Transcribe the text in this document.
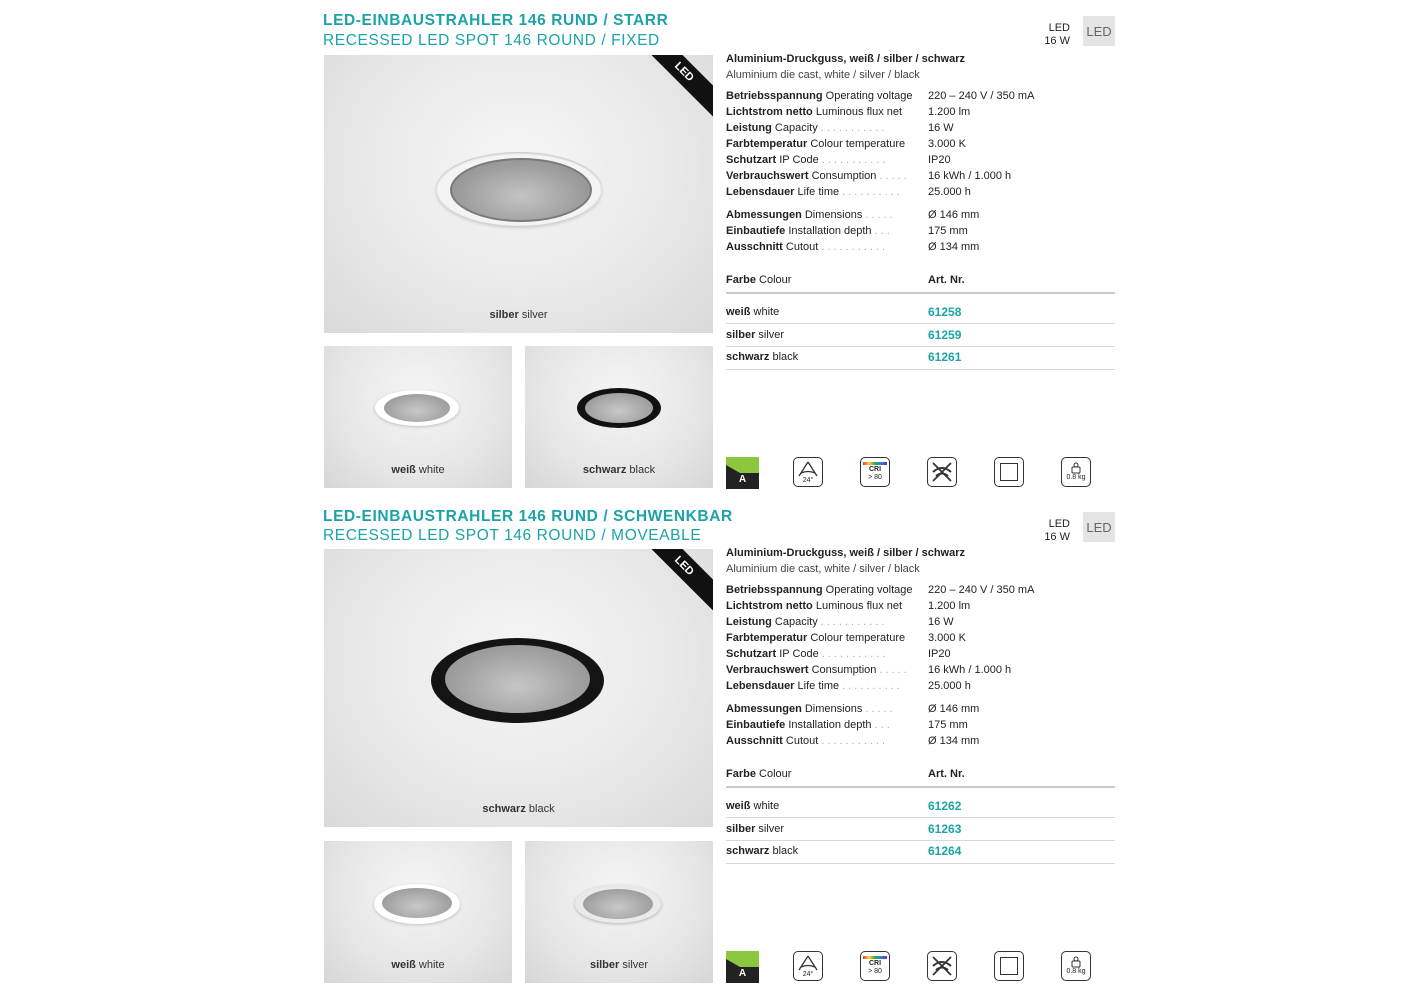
LED-EINBAUSTRAHLER 146 RUND / STARR
RECESSED LED SPOT 146 ROUND / FIXED
LED
16 W
LED
LED
silber silver
weiß white	schwarz black
Aluminium-Druckguss, weiß / silber / schwarz
Aluminium die cast, white / silver / black
Betriebsspannung Operating voltage	220 – 240 V / 350 mA
Lichtstrom netto Luminous flux net	1.200 lm
Leistung Capacity ...........	16 W
Farbtemperatur Colour temperature	3.000 K
Schutzart IP Code ...........	IP20
Verbrauchswert Consumption .....	16 kWh / 1.000 h
Lebensdauer Life time ..........	25.000 h
Abmessungen Dimensions .....	Ø 146 mm
Einbautiefe Installation depth ...	175 mm
Ausschnitt Cutout ...........	Ø 134 mm
Farbe Colour	Art. Nr.
weiß white	61258
silber silver	61259
schwarz black	61261
A	24°
CRI
> 80	0.8 kg
LED-EINBAUSTRAHLER 146 RUND / SCHWENKBAR
RECESSED LED SPOT 146 ROUND / MOVEABLE
LED
16 W
LED
LED
schwarz black
weiß white	silber silver
Aluminium-Druckguss, weiß / silber / schwarz
Aluminium die cast, white / silver / black
Betriebsspannung Operating voltage	220 – 240 V / 350 mA
Lichtstrom netto Luminous flux net	1.200 lm
Leistung Capacity ...........	16 W
Farbtemperatur Colour temperature	3.000 K
Schutzart IP Code ...........	IP20
Verbrauchswert Consumption .....	16 kWh / 1.000 h
Lebensdauer Life time ..........	25.000 h
Abmessungen Dimensions .....	Ø 146 mm
Einbautiefe Installation depth ...	175 mm
Ausschnitt Cutout ...........	Ø 134 mm
Farbe Colour	Art. Nr.
weiß white	61262
silber silver	61263
schwarz black	61264
A	24°
CRI
> 80	0.8 kg
